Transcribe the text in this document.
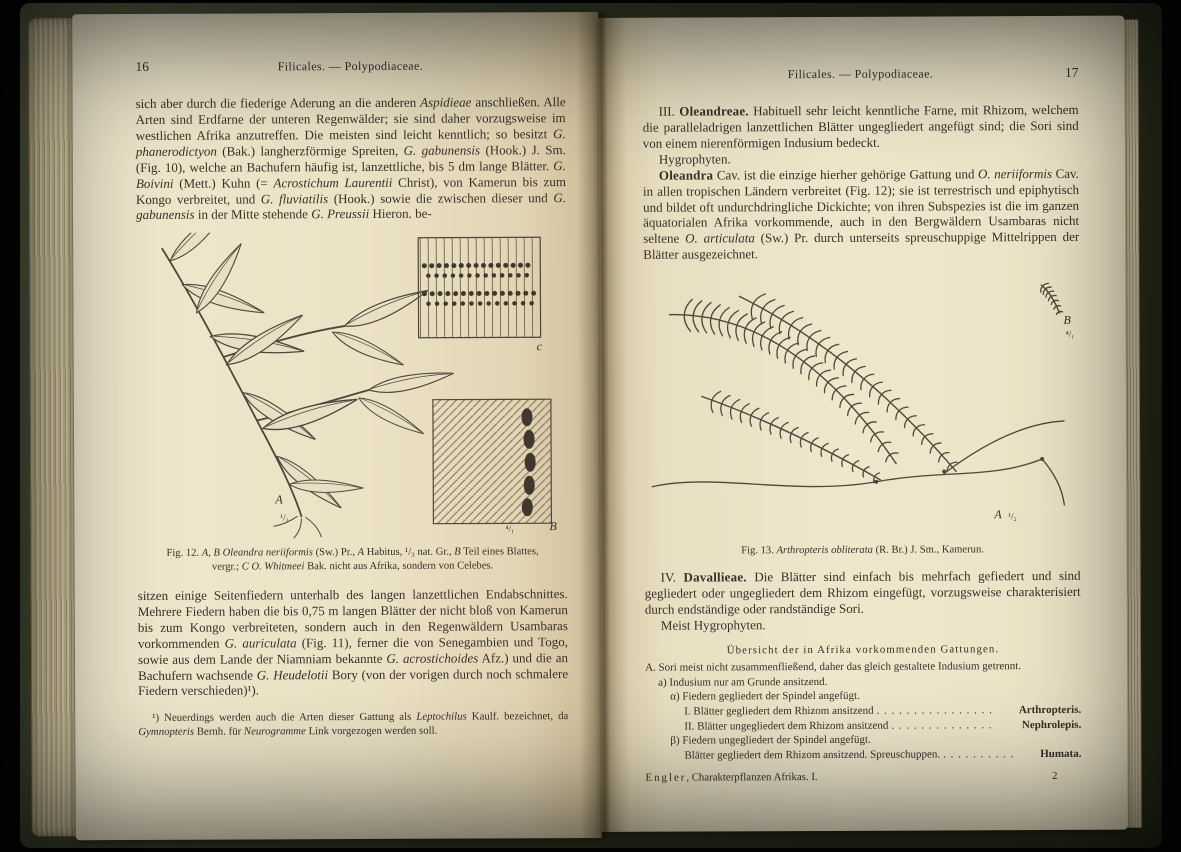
16	Filicales. — Polypodiaceae.

sich aber durch die fiederige Aderung an die anderen Aspidieae anschließen. Alle Arten sind Erdfarne der unteren Regenwälder; sie sind daher vorzugsweise im westlichen Afrika anzutreffen. Die meisten sind leicht kenntlich; so besitzt G. phanerodictyon (Bak.) langherzförmige Spreiten, G. gabunensis (Hook.) J. Sm. (Fig. 10), welche an Bachufern häufig ist, lanzettliche, bis 5 dm lange Blätter. G. Boivini (Mett.) Kuhn (= Acrostichum Laurentii Christ), von Kamerun bis zum Kongo verbreitet, und G. fluviatilis (Hook.) sowie die zwischen dieser und G. gabunensis in der Mitte stehende G. Preussii Hieron. be-

A
¹/₃
⁴/₁	B
c
Fig. 12. A, B Oleandra neriiformis (Sw.) Pr., A Habitus, ¹/₃ nat. Gr., B Teil eines Blattes, vergr.; C O. Whitmeei Bak. nicht aus Afrika, sondern von Celebes.

sitzen einige Seitenfiedern unterhalb des langen lanzettlichen Endabschnittes. Mehrere Fiedern haben die bis 0,75 m langen Blätter der nicht bloß von Kamerun bis zum Kongo verbreiteten, sondern auch in den Regenwäldern Usambaras vorkommenden G. auriculata (Fig. 11), ferner die von Senegambien und Togo, sowie aus dem Lande der Niamniam bekannte G. acrostichoides Afz.) und die an Bachufern wachsende G. Heudelotii Bory (von der vorigen durch noch schmalere Fiedern verschieden)¹).

¹) Neuerdings werden auch die Arten dieser Gattung als Leptochilus Kaulf. bezeichnet, da Gymnopteris Bernh. für Neurogramme Link vorgezogen werden soll.

Filicales. — Polypodiaceae.	17

III. Oleandreae. Habituell sehr leicht kenntliche Farne, mit Rhizom, welchem die paralleladrigen lanzettlichen Blätter ungegliedert angefügt sind; die Sori sind von einem nierenförmigen Indusium bedeckt.

Hygrophyten.

Oleandra Cav. ist die einzige hierher gehörige Gattung und O. neriiformis Cav. in allen tropischen Ländern verbreitet (Fig. 12); sie ist terrestrisch und epiphytisch und bildet oft undurchdringliche Dickichte; von ihren Subspezies ist die im ganzen äquatorialen Afrika vorkommende, auch in den Bergwäldern Usambaras nicht seltene O. articulata (Sw.) Pr. durch unterseits spreuschuppige Mittelrippen der Blätter ausgezeichnet.

B
⁴/₁
A ¹/₂
Fig. 13. Arthropteris obliterata (R. Br.) J. Sm., Kamerun.

IV. Davallieae. Die Blätter sind einfach bis mehrfach gefiedert und sind gegliedert oder ungegliedert dem Rhizom eingefügt, vorzugsweise charakterisiert durch endständige oder randständige Sori.

Meist Hygrophyten.

Übersicht der in Afrika vorkommenden Gattungen.
A. Sori meist nicht zusammenfließend, daher das gleich gestaltete Indusium getrennt.
a) Indusium nur am Grunde ansitzend.
α) Fiedern gegliedert der Spindel angefügt.
I. Blätter gegliedert dem Rhizom ansitzend . . . . . . . . . . . . . . . .	Arthropteris.
II. Blätter ungegliedert dem Rhizom ansitzend . . . . . . . . . . . . . .	Nephrolepis.
β) Fiedern ungegliedert der Spindel angefügt.
Blätter gegliedert dem Rhizom ansitzend. Spreuschuppen. . . . . . . . . . .	Humata.
Engler, Charakterpflanzen Afrikas. I.	2
